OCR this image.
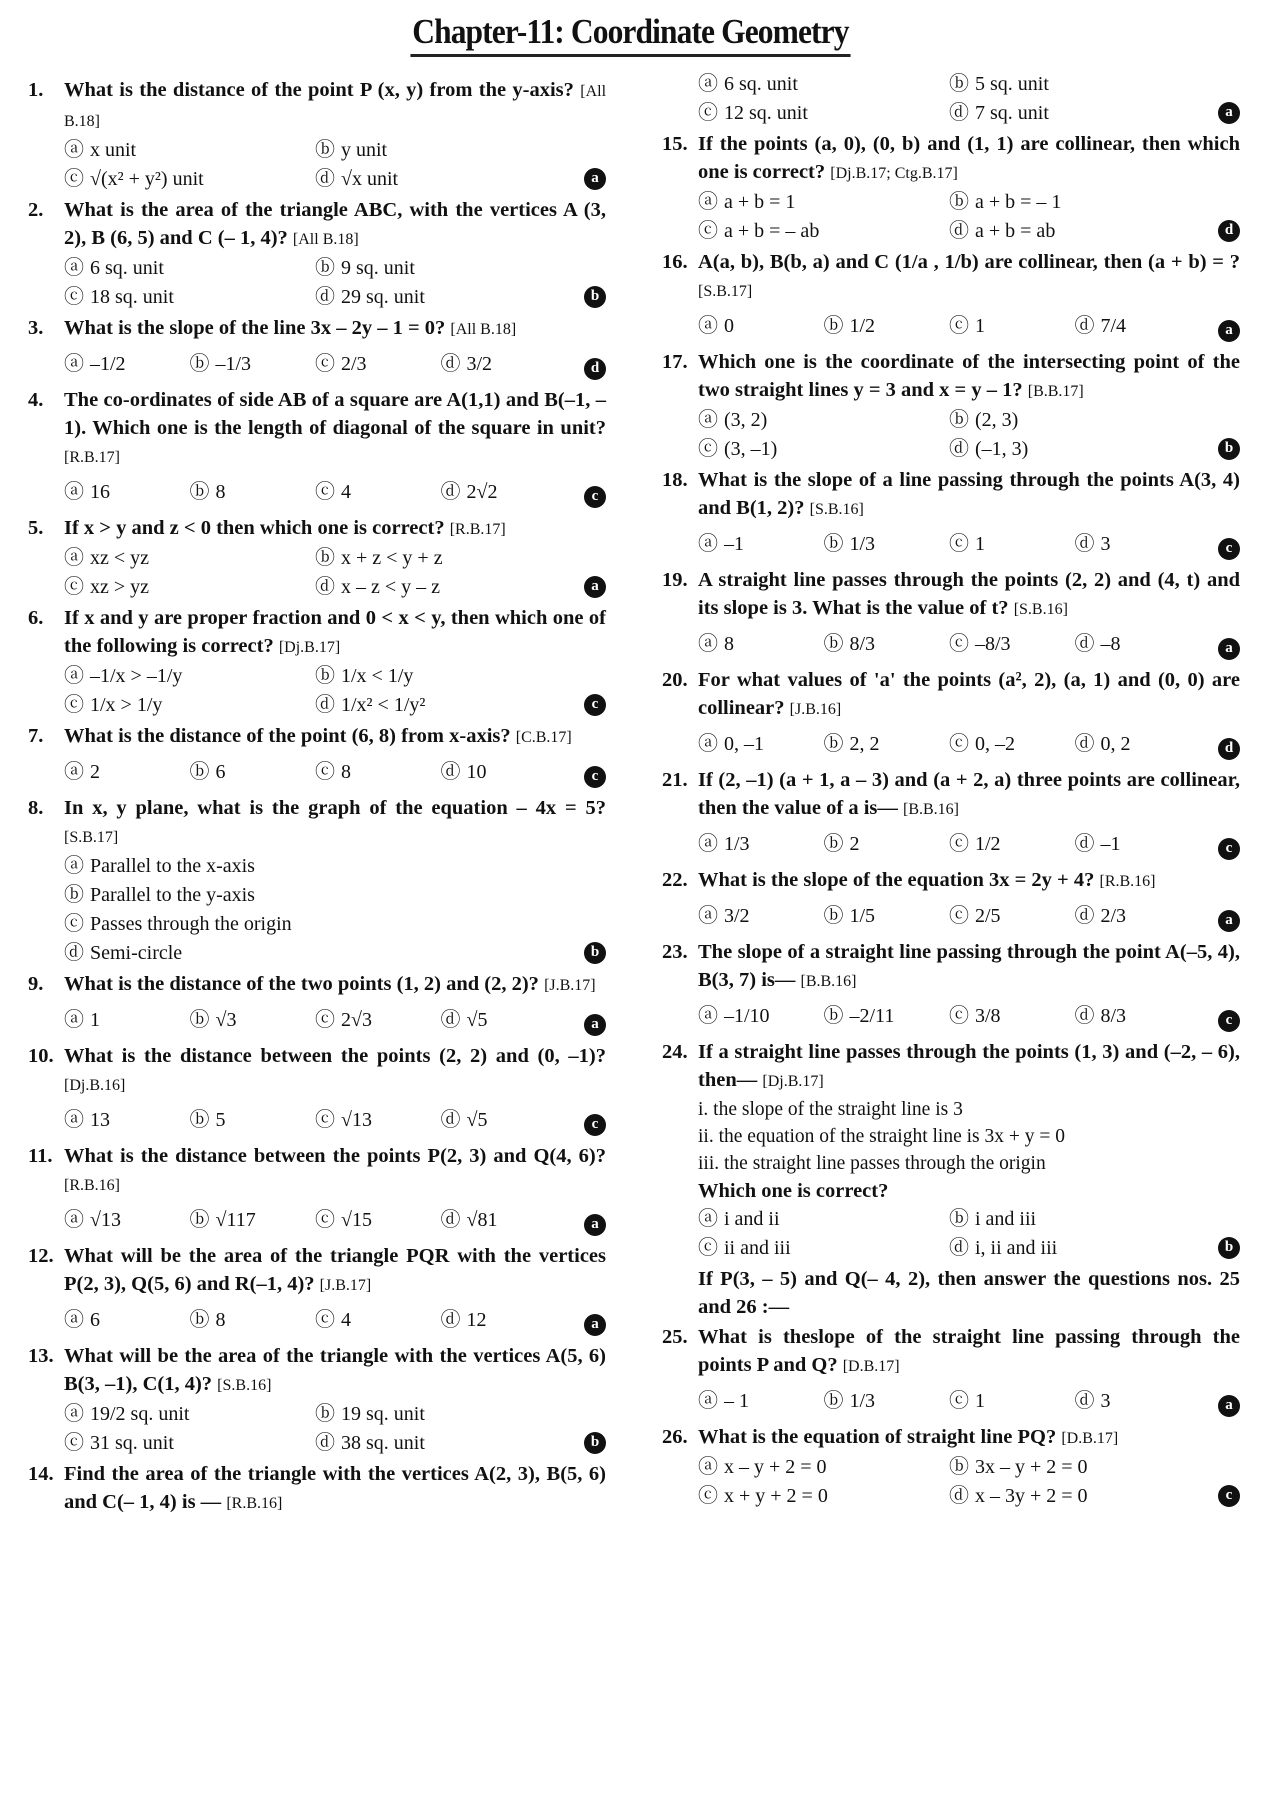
Chapter-11: Coordinate Geometry
1. What is the distance of the point P (x, y) from the y-axis? [All B.18]
ⓐ x unit	ⓑ y unit
ⓒ √(x² + y²) unit	ⓓ √x unit	a
2. What is the area of the triangle ABC, with the vertices A (3, 2), B (6, 5) and C (– 1, 4)? [All B.18]
ⓐ 6 sq. unit	ⓑ 9 sq. unit
ⓒ 18 sq. unit	ⓓ 29 sq. unit	b
3. What is the slope of the line 3x – 2y – 1 = 0? [All B.18]
ⓐ –1/2	ⓑ –1/3	ⓒ 2/3	ⓓ 3/2	d
4. The co-ordinates of side AB of a square are A(1,1) and B(–1, –1). Which one is the length of diagonal of the square in unit? [R.B.17]
ⓐ 16	ⓑ 8	ⓒ 4	ⓓ 2√2	c
5. If x > y and z < 0 then which one is correct? [R.B.17]
ⓐ xz < yz	ⓑ x + z < y + z
ⓒ xz > yz	ⓓ x – z < y – z	a
6. If x and y are proper fraction and 0 < x < y, then which one of the following is correct? [Dj.B.17]
ⓐ –1/x > –1/y	ⓑ 1/x < 1/y
ⓒ 1/x > 1/y	ⓓ 1/x² < 1/y²	c
7. What is the distance of the point (6, 8) from x-axis? [C.B.17]
ⓐ 2	ⓑ 6	ⓒ 8	ⓓ 10	c
8. In x, y plane, what is the graph of the equation – 4x = 5? [S.B.17]
ⓐ Parallel to the x-axis
ⓑ Parallel to the y-axis
ⓒ Passes through the origin
ⓓ Semi-circle	b
9. What is the distance of the two points (1, 2) and (2, 2)? [J.B.17]
ⓐ 1	ⓑ √3	ⓒ 2√3	ⓓ √5	a
10. What is the distance between the points (2, 2) and (0, –1)? [Dj.B.16]
ⓐ 13	ⓑ 5	ⓒ √13	ⓓ √5	c
11. What is the distance between the points P(2, 3) and Q(4, 6)? [R.B.16]
ⓐ √13	ⓑ √117	ⓒ √15	ⓓ √81	a
12. What will be the area of the triangle PQR with the vertices P(2, 3), Q(5, 6) and R(–1, 4)? [J.B.17]
ⓐ 6	ⓑ 8	ⓒ 4	ⓓ 12	a
13. What will be the area of the triangle with the vertices A(5, 6) B(3, –1), C(1, 4)? [S.B.16]
ⓐ 19/2 sq. unit	ⓑ 19 sq. unit
ⓒ 31 sq. unit	ⓓ 38 sq. unit	b
14. Find the area of the triangle with the vertices A(2, 3), B(5, 6) and C(– 1, 4) is — [R.B.16]
ⓐ 6 sq. unit	ⓑ 5 sq. unit
ⓒ 12 sq. unit	ⓓ 7 sq. unit	a
15. If the points (a, 0), (0, b) and (1, 1) are collinear, then which one is correct? [Dj.B.17; Ctg.B.17]
ⓐ a + b = 1	ⓑ a + b = – 1
ⓒ a + b = – ab	ⓓ a + b = ab	d
16. A(a, b), B(b, a) and C (1/a , 1/b) are collinear, then (a + b) = ? [S.B.17]
ⓐ 0	ⓑ 1/2	ⓒ 1	ⓓ 7/4	a
17. Which one is the coordinate of the intersecting point of the two straight lines y = 3 and x = y – 1? [B.B.17]
ⓐ (3, 2)	ⓑ (2, 3)
ⓒ (3, –1)	ⓓ (–1, 3)	b
18. What is the slope of a line passing through the points A(3, 4) and B(1, 2)? [S.B.16]
ⓐ –1	ⓑ 1/3	ⓒ 1	ⓓ 3	c
19. A straight line passes through the points (2, 2) and (4, t) and its slope is 3. What is the value of t? [S.B.16]
ⓐ 8	ⓑ 8/3	ⓒ –8/3	ⓓ –8	a
20. For what values of 'a' the points (a², 2), (a, 1) and (0, 0) are collinear? [J.B.16]
ⓐ 0, –1	ⓑ 2, 2	ⓒ 0, –2	ⓓ 0, 2	d
21. If (2, –1) (a + 1, a – 3) and (a + 2, a) three points are collinear, then the value of a is— [B.B.16]
ⓐ 1/3	ⓑ 2	ⓒ 1/2	ⓓ –1	c
22. What is the slope of the equation 3x = 2y + 4? [R.B.16]
ⓐ 3/2	ⓑ 1/5	ⓒ 2/5	ⓓ 2/3	a
23. The slope of a straight line passing through the point A(–5, 4), B(3, 7) is— [B.B.16]
ⓐ –1/10	ⓑ –2/11	ⓒ 3/8	ⓓ 8/3	c
24. If a straight line passes through the points (1, 3) and (–2, – 6), then— [Dj.B.17]
i. the slope of the straight line is 3
ii. the equation of the straight line is 3x + y = 0
iii. the straight line passes through the origin
Which one is correct?
ⓐ i and ii	ⓑ i and iii
ⓒ ii and iii	ⓓ i, ii and iii	b
If P(3, – 5) and Q(– 4, 2), then answer the questions nos. 25 and 26 :—
25. What is theslope of the straight line passing through the points P and Q? [D.B.17]
ⓐ – 1	ⓑ 1/3	ⓒ 1	ⓓ 3	a
26. What is the equation of straight line PQ? [D.B.17]
ⓐ x – y + 2 = 0	ⓑ 3x – y + 2 = 0
ⓒ x + y + 2 = 0	ⓓ x – 3y + 2 = 0	c
